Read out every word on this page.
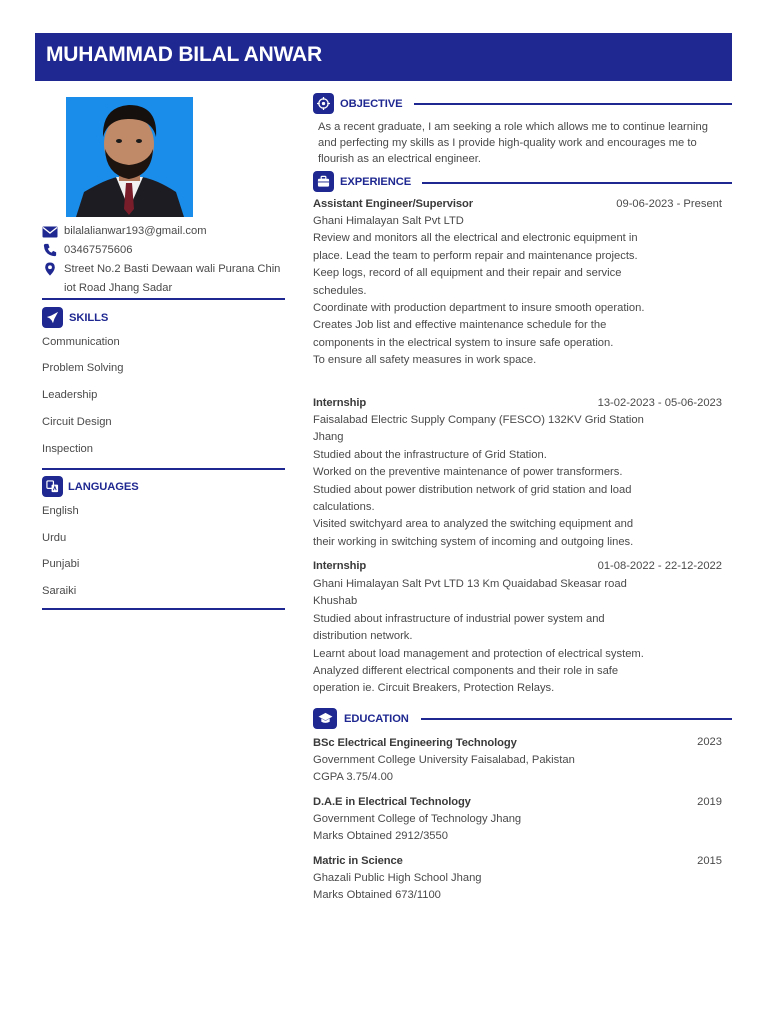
MUHAMMAD BILAL ANWAR
bilalalianwar193@gmail.com
03467575606
Street No.2 Basti Dewaan wali Purana Chin
iot Road Jhang Sadar
SKILLS
Communication
Problem Solving
Leadership
Circuit Design
Inspection
LANGUAGES
English
Urdu
Punjabi
Saraiki
OBJECTIVE
As a recent graduate, I am seeking a role which allows me to continue learning
and perfecting my skills as I provide high-quality work and encourages me to
flourish as an electrical engineer.
EXPERIENCE
Assistant Engineer/Supervisor	09-06-2023 - Present
Ghani Himalayan Salt Pvt LTD
Review and monitors all the electrical and electronic equipment in
place. Lead the team to perform repair and maintenance projects.
Keep logs, record of all equipment and their repair and service
schedules.
Coordinate with production department to insure smooth operation.
Creates Job list and effective maintenance schedule for the
components in the electrical system to insure safe operation.
To ensure all safety measures in work space.
Internship	13-02-2023 - 05-06-2023
Faisalabad Electric Supply Company (FESCO) 132KV Grid Station
Jhang
Studied about the infrastructure of Grid Station.
Worked on the preventive maintenance of power transformers.
Studied about power distribution network of grid station and load
calculations.
Visited switchyard area to analyzed the switching equipment and
their working in switching system of incoming and outgoing lines.
Internship	01-08-2022 - 22-12-2022
Ghani Himalayan Salt Pvt LTD 13 Km Quaidabad Skeasar road
Khushab
Studied about infrastructure of industrial power system and
distribution network.
Learnt about load management and protection of electrical system.
Analyzed different electrical components and their role in safe
operation ie. Circuit Breakers, Protection Relays.
EDUCATION
BSc Electrical Engineering Technology	2023
Government College University Faisalabad, Pakistan
CGPA 3.75/4.00
D.A.E in Electrical Technology	2019
Government College of Technology Jhang
Marks Obtained 2912/3550
Matric in Science	2015
Ghazali Public High School Jhang
Marks Obtained 673/1100
